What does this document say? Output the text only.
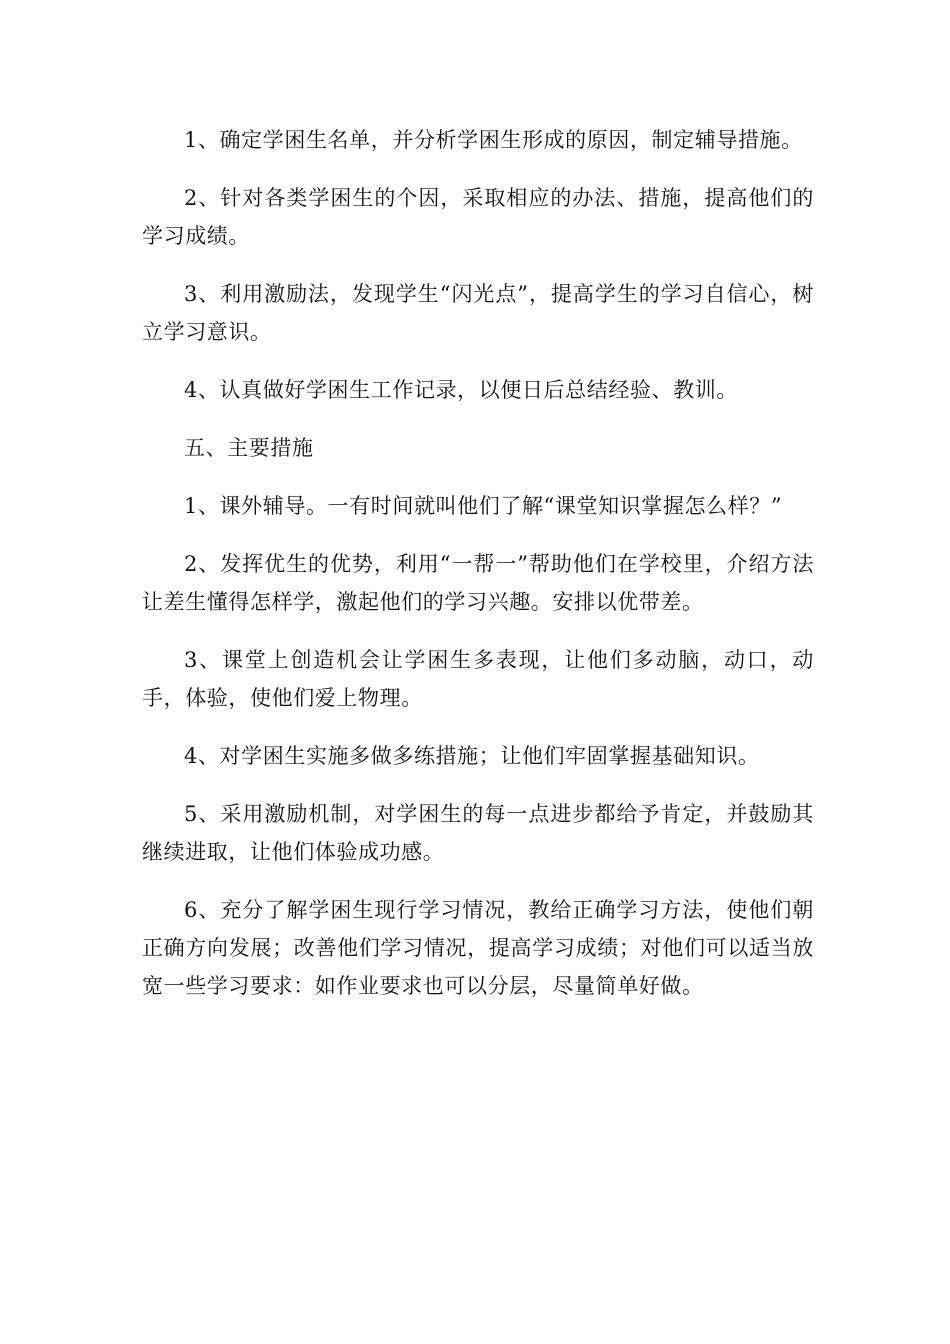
1、确定学困生名单，并分析学困生形成的原因，制定辅导措施。

2、针对各类学困生的个因，采取相应的办法、措施，提高他们的学习成绩。

3、利用激励法，发现学生“闪光点”，提高学生的学习自信心，树立学习意识。

4、认真做好学困生工作记录，以便日后总结经验、教训。

五、主要措施

1、课外辅导。一有时间就叫他们了解“课堂知识掌握怎么样？”

2、发挥优生的优势，利用“一帮一”帮助他们在学校里，介绍方法让差生懂得怎样学，激起他们的学习兴趣。安排以优带差。

3、课堂上创造机会让学困生多表现，让他们多动脑，动口，动手，体验，使他们爱上物理。

4、对学困生实施多做多练措施；让他们牢固掌握基础知识。

5、采用激励机制，对学困生的每一点进步都给予肯定，并鼓励其继续进取，让他们体验成功感。

6、充分了解学困生现行学习情况，教给正确学习方法，使他们朝正确方向发展；改善他们学习情况，提高学习成绩；对他们可以适当放宽一些学习要求：如作业要求也可以分层，尽量简单好做。
